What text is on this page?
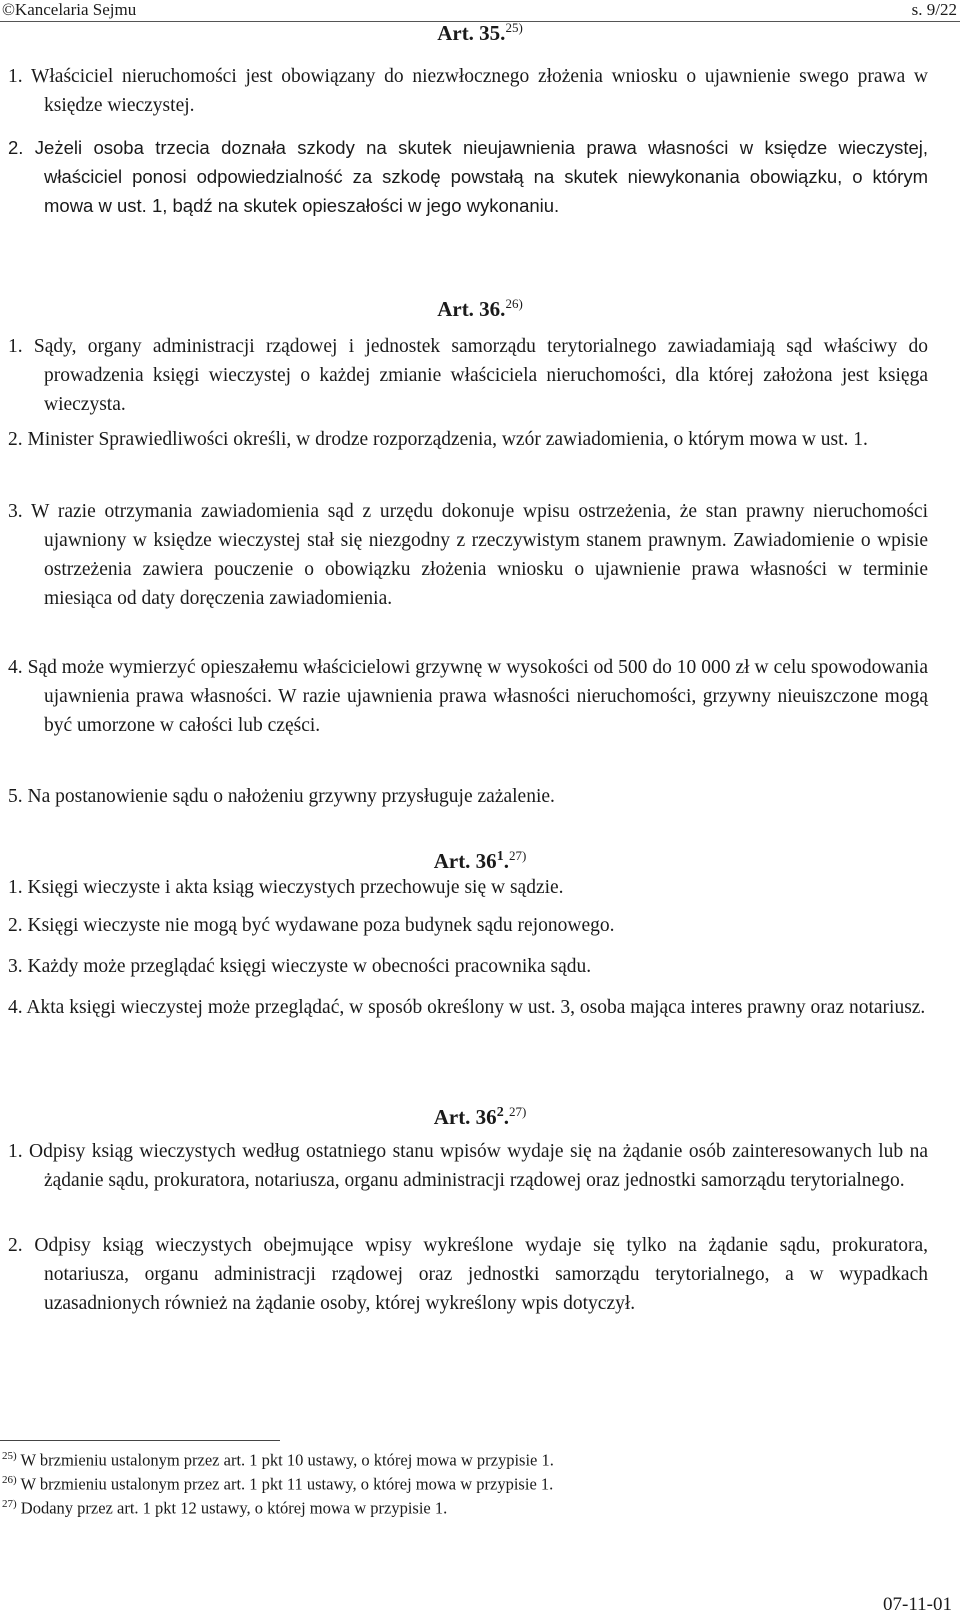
©Kancelaria Sejmu	s. 9/22
Art. 35.$^{25)}$

1. Właściciel nieruchomości jest obowiązany do niezwłocznego złożenia wniosku o ujawnienie swego prawa w księdze wieczystej.

2. Jeżeli osoba trzecia doznała szkody na skutek nieujawnienia prawa własności w księdze wieczystej, właściciel ponosi odpowiedzialność za szkodę powstałą na skutek niewykonania obowiązku, o którym mowa w ust. 1, bądź na skutek opieszałości w jego wykonaniu.

Art. 36.$^{26)}$

1. Sądy, organy administracji rządowej i jednostek samorządu terytorialnego zawiadamiają sąd właściwy do prowadzenia księgi wieczystej o każdej zmianie właściciela nieruchomości, dla której założona jest księga wieczysta.

2. Minister Sprawiedliwości określi, w drodze rozporządzenia, wzór zawiadomienia, o którym mowa w ust. 1.

3. W razie otrzymania zawiadomienia sąd z urzędu dokonuje wpisu ostrzeżenia, że stan prawny nieruchomości ujawniony w księdze wieczystej stał się niezgodny z rzeczywistym stanem prawnym. Zawiadomienie o wpisie ostrzeżenia zawiera pouczenie o obowiązku złożenia wniosku o ujawnienie prawa własności w terminie miesiąca od daty doręczenia zawiadomienia.

4. Sąd może wymierzyć opieszałemu właścicielowi grzywnę w wysokości od 500 do 10 000 zł w celu spowodowania ujawnienia prawa własności. W razie ujawnienia prawa własności nieruchomości, grzywny nieuiszczone mogą być umorzone w całości lub części.

5. Na postanowienie sądu o nałożeniu grzywny przysługuje zażalenie.

Art. $36^1.^{27)}$

1. Księgi wieczyste i akta ksiąg wieczystych przechowuje się w sądzie.

2. Księgi wieczyste nie mogą być wydawane poza budynek sądu rejonowego.

3. Każdy może przeglądać księgi wieczyste w obecności pracownika sądu.

4. Akta księgi wieczystej może przeglądać, w sposób określony w ust. 3, osoba mająca interes prawny oraz notariusz.

Art. $36^2.^{27)}$

1. Odpisy ksiąg wieczystych według ostatniego stanu wpisów wydaje się na żądanie osób zainteresowanych lub na żądanie sądu, prokuratora, notariusza, organu administracji rządowej oraz jednostki samorządu terytorialnego.

2. Odpisy ksiąg wieczystych obejmujące wpisy wykreślone wydaje się tylko na żądanie sądu, prokuratora, notariusza, organu administracji rządowej oraz jednostki samorządu terytorialnego, a w wypadkach uzasadnionych również na żądanie osoby, której wykreślony wpis dotyczył.

$^{25)}$ W brzmieniu ustalonym przez art. 1 pkt 10 ustawy, o której mowa w przypisie 1.
$^{26)}$ W brzmieniu ustalonym przez art. 1 pkt 11 ustawy, o której mowa w przypisie 1.
$^{27)}$ Dodany przez art. 1 pkt 12 ustawy, o której mowa w przypisie 1.
07-11-01
